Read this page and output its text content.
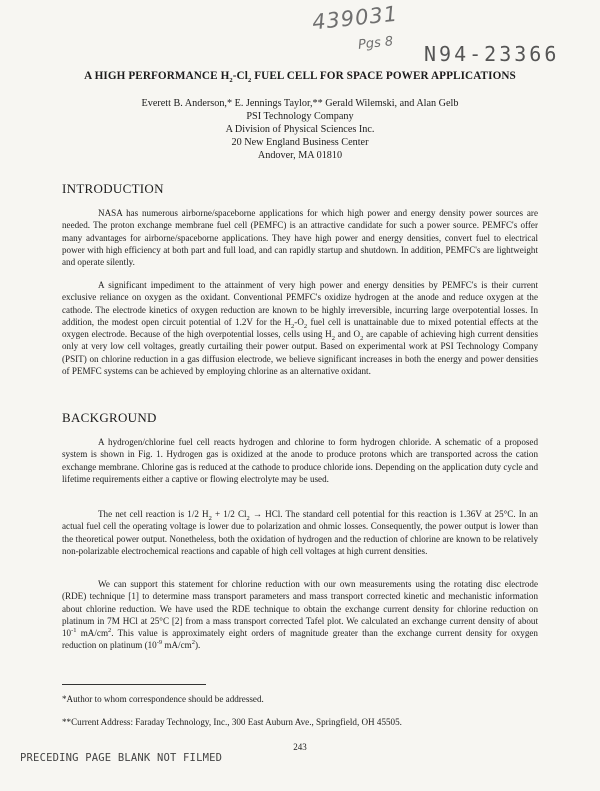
439031
Pgs 8 N94-23366
A HIGH PERFORMANCE $H_2-Cl_2$ FUEL CELL FOR SPACE POWER APPLICATIONS
Everett B. Anderson,* E. Jennings Taylor,** Gerald Wilemski, and Alan Gelb
PSI Technology Company
A Division of Physical Sciences Inc.
20 New England Business Center
Andover, MA 01810
INTRODUCTION

NASA has numerous airborne/spaceborne applications for which high power and energy density power sources are needed. The proton exchange membrane fuel cell (PEMFC) is an attractive candidate for such a power source. PEMFC's offer many advantages for airborne/spaceborne applications. They have high power and energy densities, convert fuel to electrical power with high efficiency at both part and full load, and can rapidly startup and shutdown. In addition, PEMFC's are lightweight and operate silently.

A significant impediment to the attainment of very high power and energy densities by PEMFC's is their current exclusive reliance on oxygen as the oxidant. Conventional PEMFC's oxidize hydrogen at the anode and reduce oxygen at the cathode. The electrode kinetics of oxygen reduction are known to be highly irreversible, incurring large overpotential losses. In addition, the modest open circuit potential of 1.2V for the $H_2-O_2$ fuel cell is unattainable due to mixed potential effects at the oxygen electrode. Because of the high overpotential losses, cells using $H_2$ and $O_2$ are capable of achieving high current densities only at very low cell voltages, greatly curtailing their power output. Based on experimental work at PSI Technology Company (PSIT) on chlorine reduction in a gas diffusion electrode, we believe significant increases in both the energy and power densities of PEMFC systems can be achieved by employing chlorine as an alternative oxidant.

BACKGROUND

A hydrogen/chlorine fuel cell reacts hydrogen and chlorine to form hydrogen chloride. A schematic of a proposed system is shown in Fig. 1. Hydrogen gas is oxidized at the anode to produce protons which are transported across the cation exchange membrane. Chlorine gas is reduced at the cathode to produce chloride ions. Depending on the application duty cycle and lifetime requirements either a captive or flowing electrolyte may be used.

The net cell reaction is 1/2 $H_2 + 1/2$ $Cl_2$ → HCl. The standard cell potential for this reaction is 1.36V at 25°C. In an actual fuel cell the operating voltage is lower due to polarization and ohmic losses. Consequently, the power output is lower than the theoretical power output. Nonetheless, both the oxidation of hydrogen and the reduction of chlorine are known to be relatively non-polarizable electrochemical reactions and capable of high cell voltages at high current densities.

We can support this statement for chlorine reduction with our own measurements using the rotating disc electrode (RDE) technique [1] to determine mass transport parameters and mass transport corrected kinetic and mechanistic information about chlorine reduction. We have used the RDE technique to obtain the exchange current density for chlorine reduction on platinum in 7M HCl at 25°C [2] from a mass transport corrected Tafel plot. We calculated an exchange current density of about $10^{-1}$ $mA/cm^2$. This value is approximately eight orders of magnitude greater than the exchange current density for oxygen reduction on platinum ($10^{-9}$ $mA/cm^2$).

*Author to whom correspondence should be addressed.
**Current Address: Faraday Technology, Inc., 300 East Auburn Ave., Springfield, OH 45505.
243
PRECEDING PAGE BLANK NOT FILMED
